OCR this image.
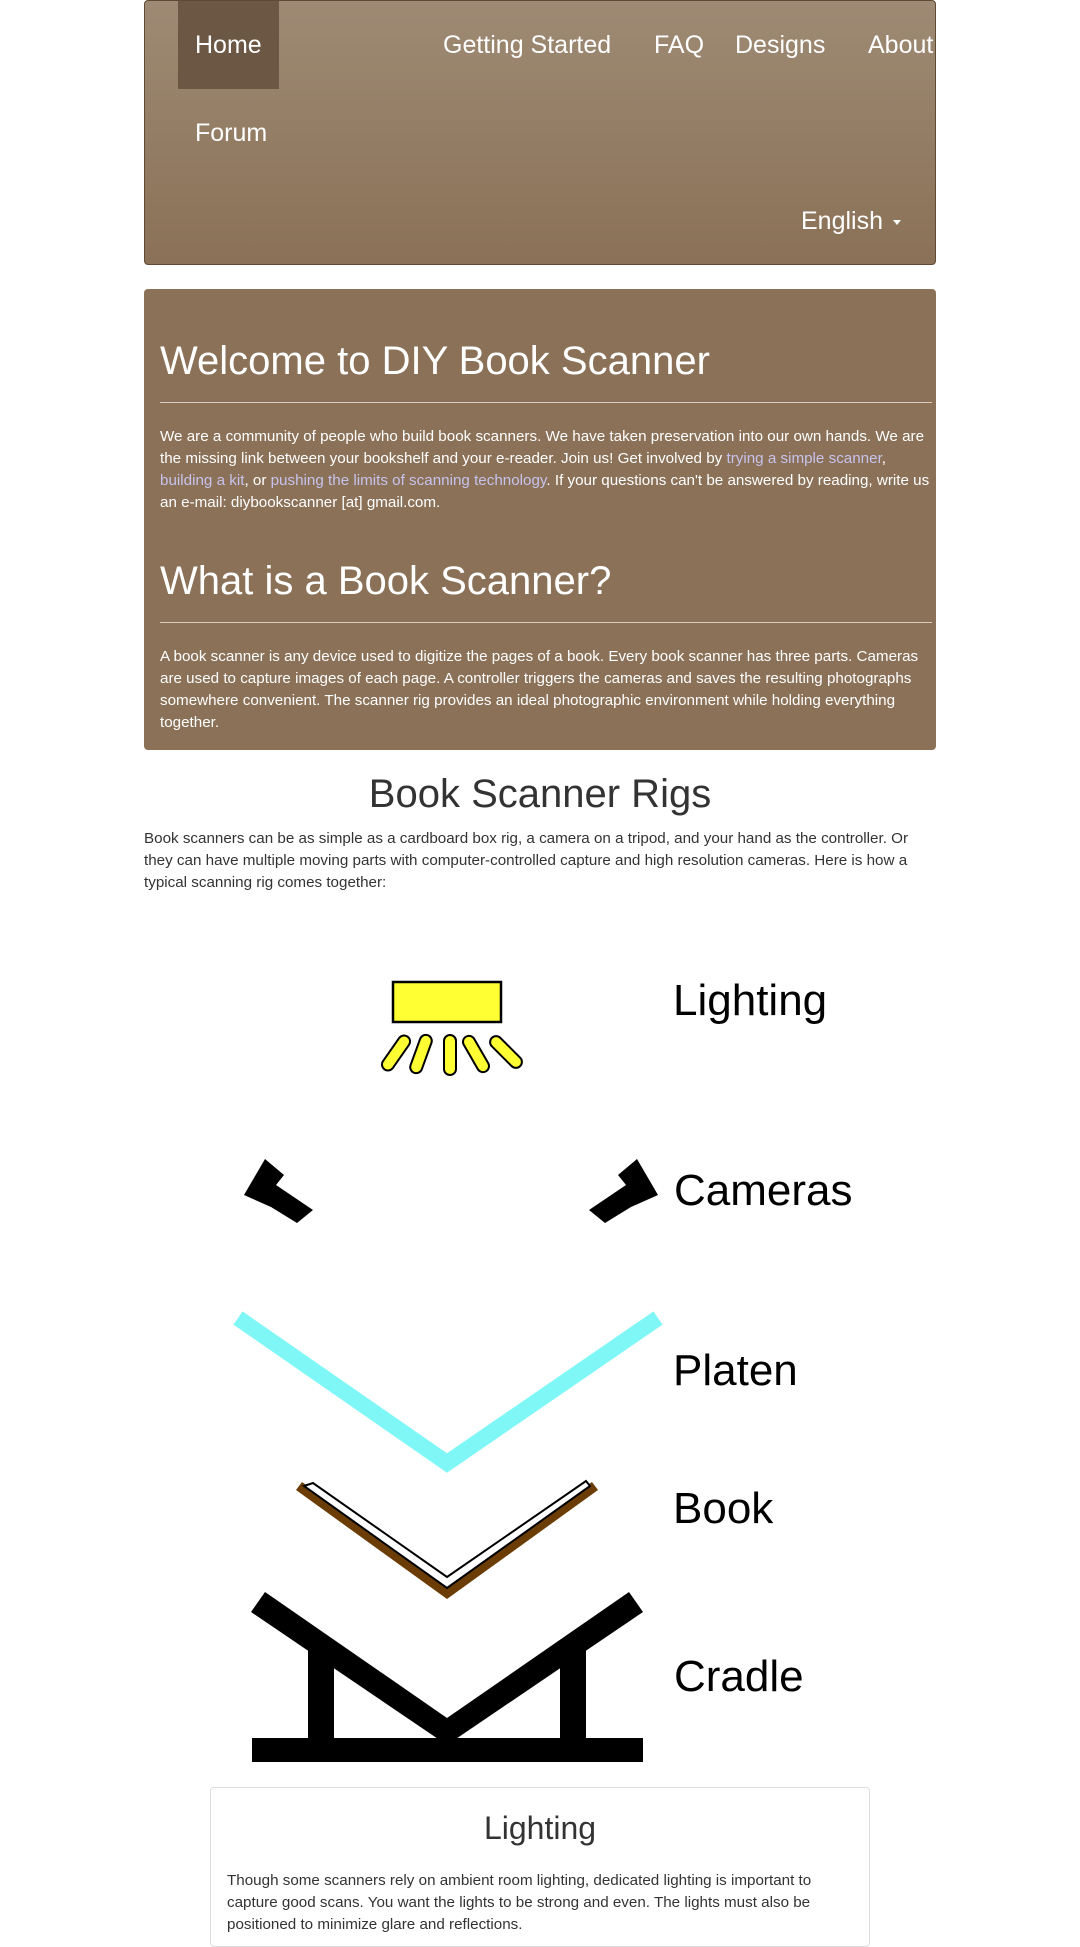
Home	Getting Started	FAQ	Designs	About Us
Forum
English
Welcome to DIY Book Scanner

We are a community of people who build book scanners. We have taken preservation into our own hands. We are the missing link between your bookshelf and your e-reader. Join us! Get involved by trying a simple scanner, building a kit, or pushing the limits of scanning technology. If your questions can't be answered by reading, write us an e-mail: diybookscanner [at] gmail.com.

What is a Book Scanner?

A book scanner is any device used to digitize the pages of a book. Every book scanner has three parts. Cameras are used to capture images of each page. A controller triggers the cameras and saves the resulting photographs somewhere convenient. The scanner rig provides an ideal photographic environment while holding everything together.

Book Scanner Rigs

Book scanners can be as simple as a cardboard box rig, a camera on a tripod, and your hand as the controller. Or they can have multiple moving parts with computer-controlled capture and high resolution cameras. Here is how a typical scanning rig comes together:

Lighting
Cameras
Platen
Book
Cradle
Lighting

Though some scanners rely on ambient room lighting, dedicated lighting is important to capture good scans. You want the lights to be strong and even. The lights must also be positioned to minimize glare and reflections.
